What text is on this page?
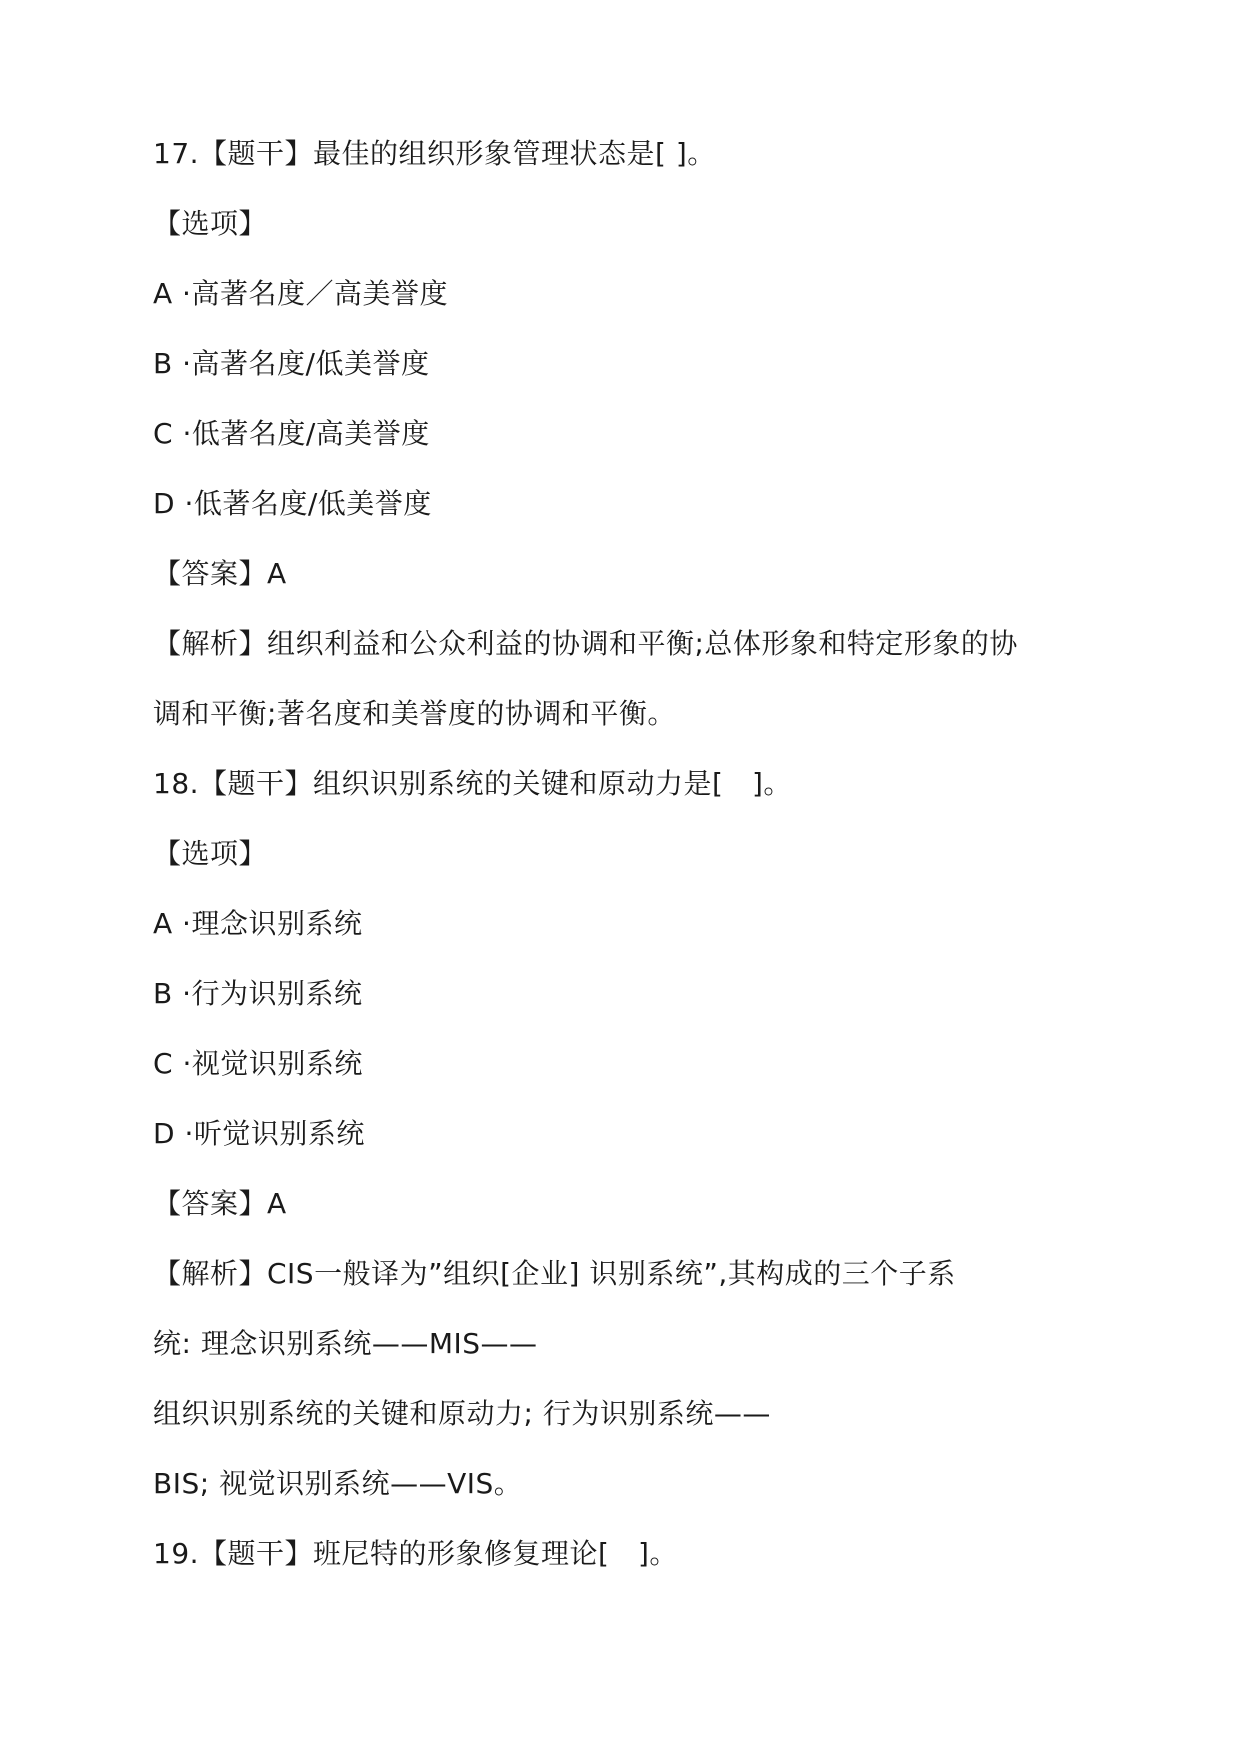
17.【题干】最佳的组织形象管理状态是[ ]。
【选项】
A ·高著名度／高美誉度
B ·高著名度/低美誉度
C ·低著名度/高美誉度
D ·低著名度/低美誉度
【答案】A
【解析】组织利益和公众利益的协调和平衡;总体形象和特定形象的协
调和平衡;著名度和美誉度的协调和平衡。
18.【题干】组织识别系统的关键和原动力是[　]。
【选项】
A ·理念识别系统
B ·行为识别系统
C ·视觉识别系统
D ·听觉识别系统
【答案】A
【解析】CIS一般译为”组织[企业] 识别系统”,其构成的三个子系
统: 理念识别系统——MIS——
组织识别系统的关键和原动力; 行为识别系统——
BIS; 视觉识别系统——VIS。
19.【题干】班尼特的形象修复理论[　]。
